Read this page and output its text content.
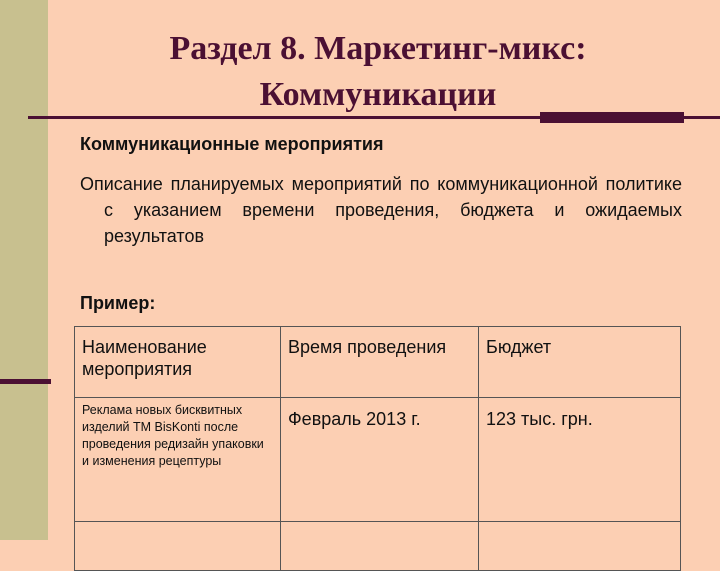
Раздел 8. Маркетинг-микс:
Коммуникации
Коммуникационные мероприятия
Описание планируемых мероприятий по коммуникационной политике с указанием времени проведения, бюджета и ожидаемых результатов
Пример:
Наименование мероприятия	Время проведения	Бюджет
Реклама новых бисквитных изделий ТМ BisKonti после проведения редизайн упаковки и изменения рецептуры	Февраль 2013 г.	123 тыс. грн.
